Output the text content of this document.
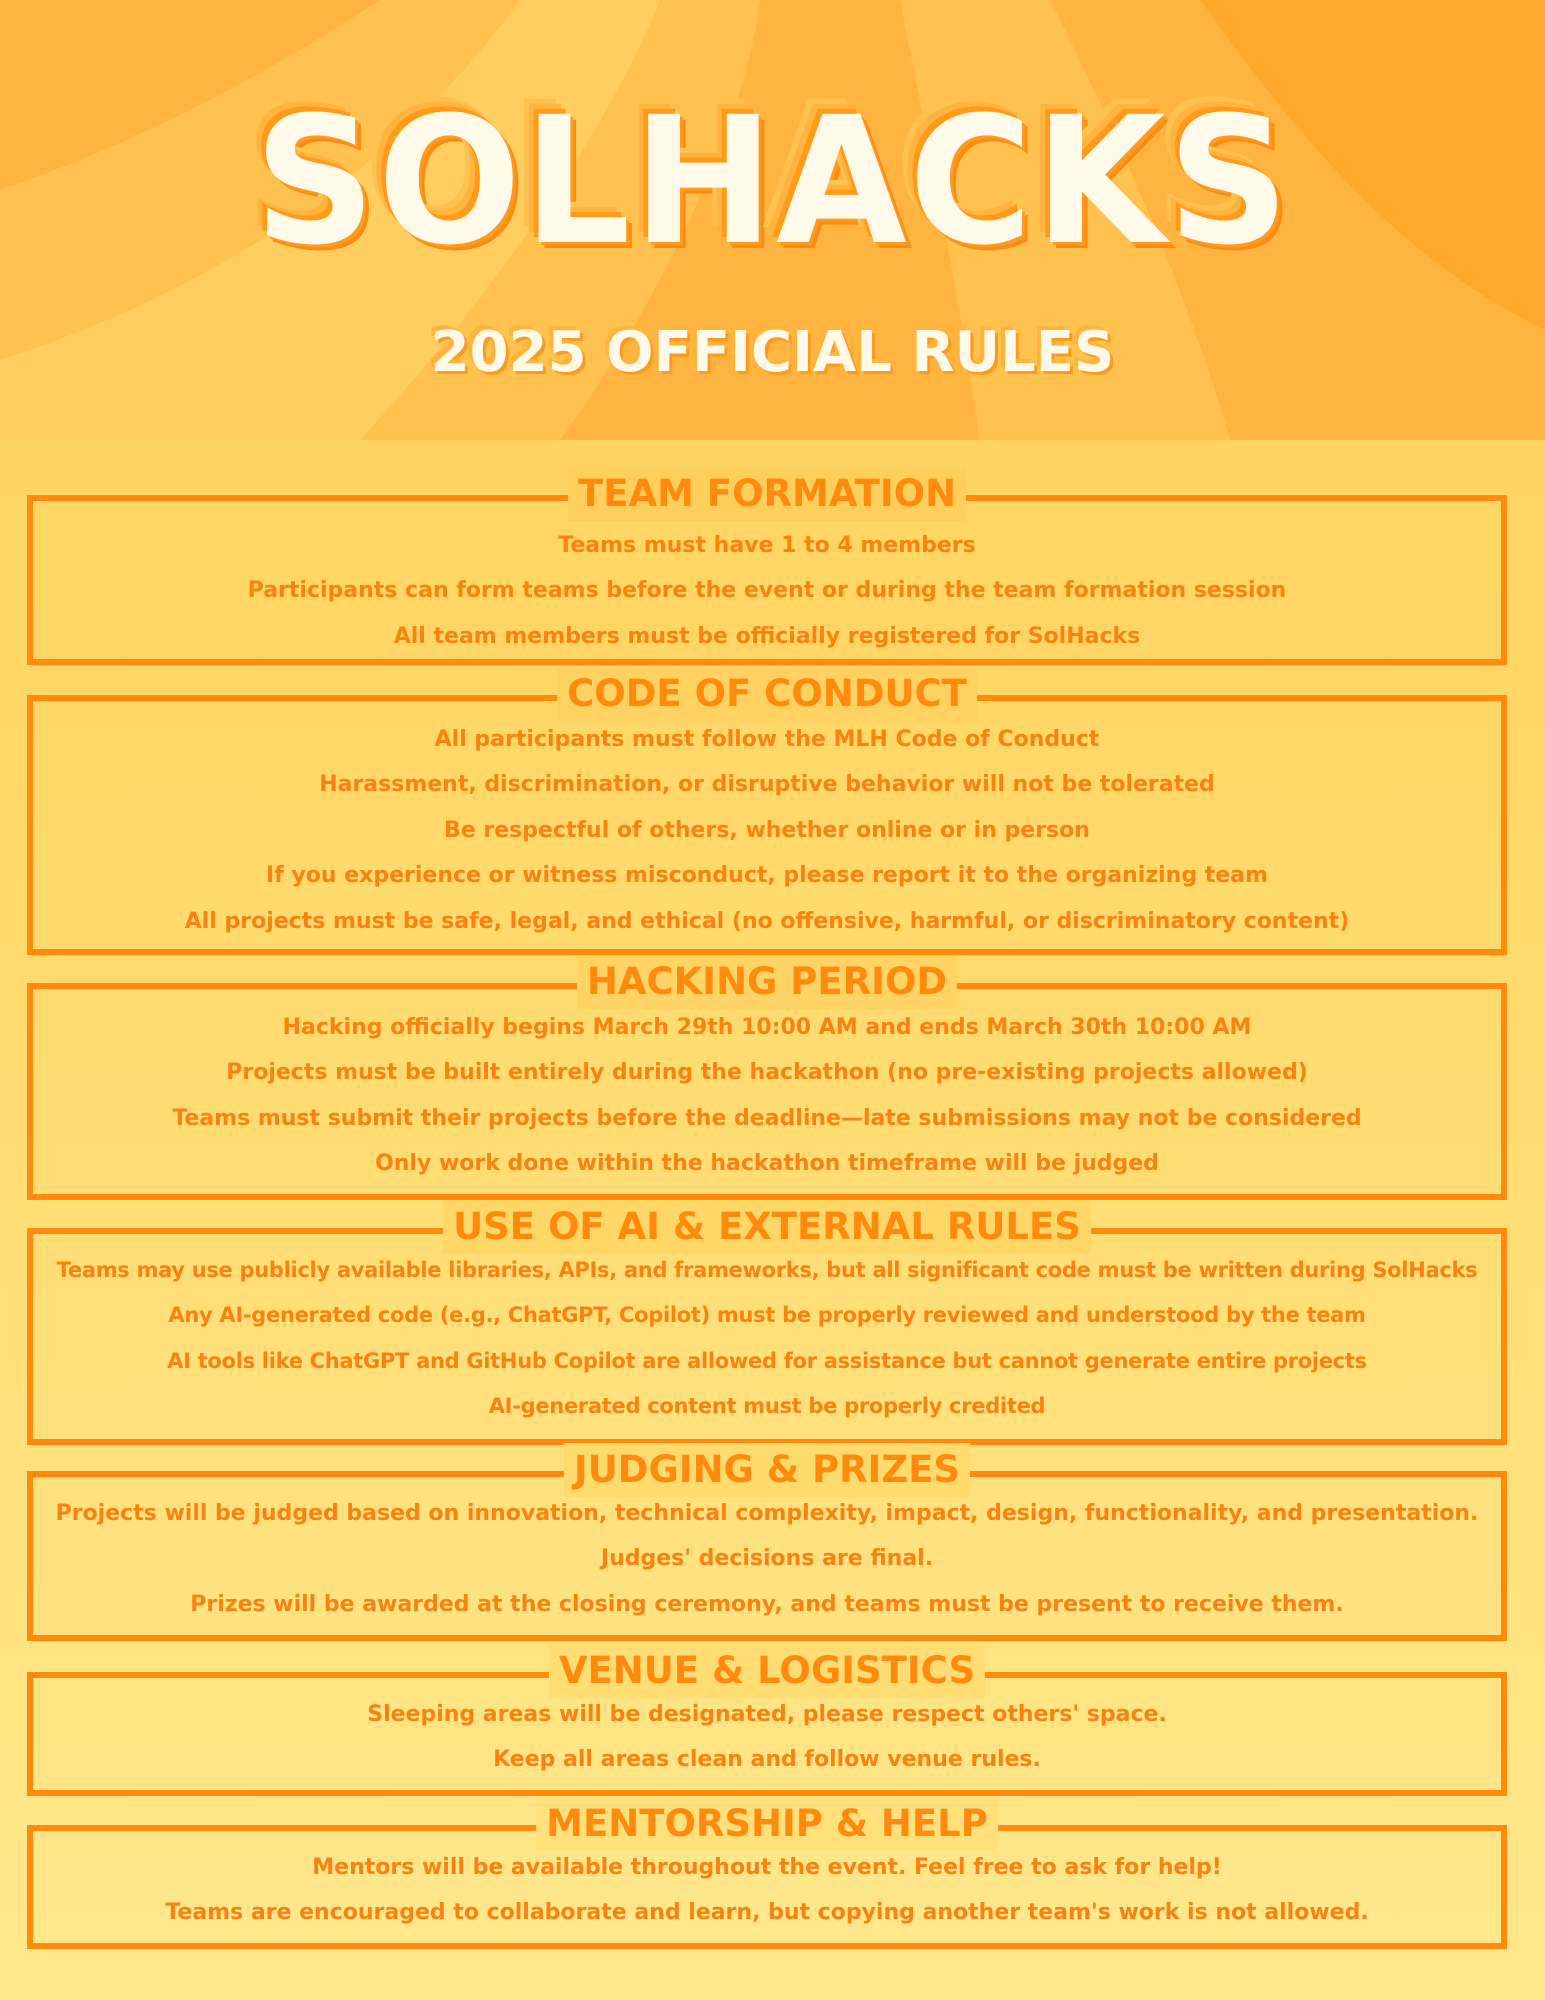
SOLHACKS
2025 OFFICIAL RULES
TEAM FORMATION
Teams must have 1 to 4 members
Participants can form teams before the event or during the team formation session
All team members must be officially registered for SolHacks
CODE OF CONDUCT
All participants must follow the MLH Code of Conduct
Harassment, discrimination, or disruptive behavior will not be tolerated
Be respectful of others, whether online or in person
If you experience or witness misconduct, please report it to the organizing team
All projects must be safe, legal, and ethical (no offensive, harmful, or discriminatory content)
HACKING PERIOD
Hacking officially begins March 29th 10:00 AM and ends March 30th 10:00 AM
Projects must be built entirely during the hackathon (no pre-existing projects allowed)
Teams must submit their projects before the deadline—late submissions may not be considered
Only work done within the hackathon timeframe will be judged
USE OF AI & EXTERNAL RULES
Teams may use publicly available libraries, APIs, and frameworks, but all significant code must be written during SolHacks
Any AI-generated code (e.g., ChatGPT, Copilot) must be properly reviewed and understood by the team
AI tools like ChatGPT and GitHub Copilot are allowed for assistance but cannot generate entire projects
AI-generated content must be properly credited
JUDGING & PRIZES
Projects will be judged based on innovation, technical complexity, impact, design, functionality, and presentation.
Judges' decisions are final.
Prizes will be awarded at the closing ceremony, and teams must be present to receive them.
VENUE & LOGISTICS
Sleeping areas will be designated, please respect others' space.
Keep all areas clean and follow venue rules.
MENTORSHIP & HELP
Mentors will be available throughout the event. Feel free to ask for help!
Teams are encouraged to collaborate and learn, but copying another team's work is not allowed.
